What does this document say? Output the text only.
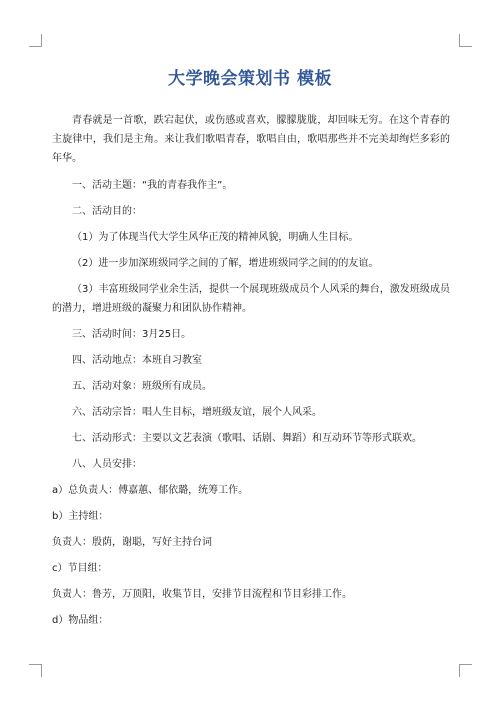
大学晚会策划书 模板

青春就是一首歌，跌宕起伏，或伤感或喜欢，朦朦胧胧，却回味无穷。在这个青春的主旋律中，我们是主角。来让我们歌唱青春，歌唱自由，歌唱那些并不完美却绚烂多彩的年华。

一、活动主题：“我的青春我作主”。
二、活动目的：
（1）为了体现当代大学生风华正茂的精神风貌，明确人生目标。
（2）进一步加深班级同学之间的了解，增进班级同学之间的的友谊。

（3）丰富班级同学业余生活，提供一个展现班级成员个人风采的舞台，激发班级成员的潜力，增进班级的凝聚力和团队协作精神。

三、活动时间：3月25日。
四、活动地点：本班自习教室
五、活动对象：班级所有成员。
六、活动宗旨：唱人生目标，增班级友谊，展个人风采。
七、活动形式：主要以文艺表演（歌唱、话剧、舞蹈）和互动环节等形式联欢。
八、人员安排：
a）总负责人：傅嘉蕙、郁依璐，统筹工作。
b）主持组：
负责人：殷荫，谢聪，写好主持台词
c）节目组：
负责人：鲁芳，万顶阳，收集节目，安排节目流程和节目彩排工作。
d）物品组：
